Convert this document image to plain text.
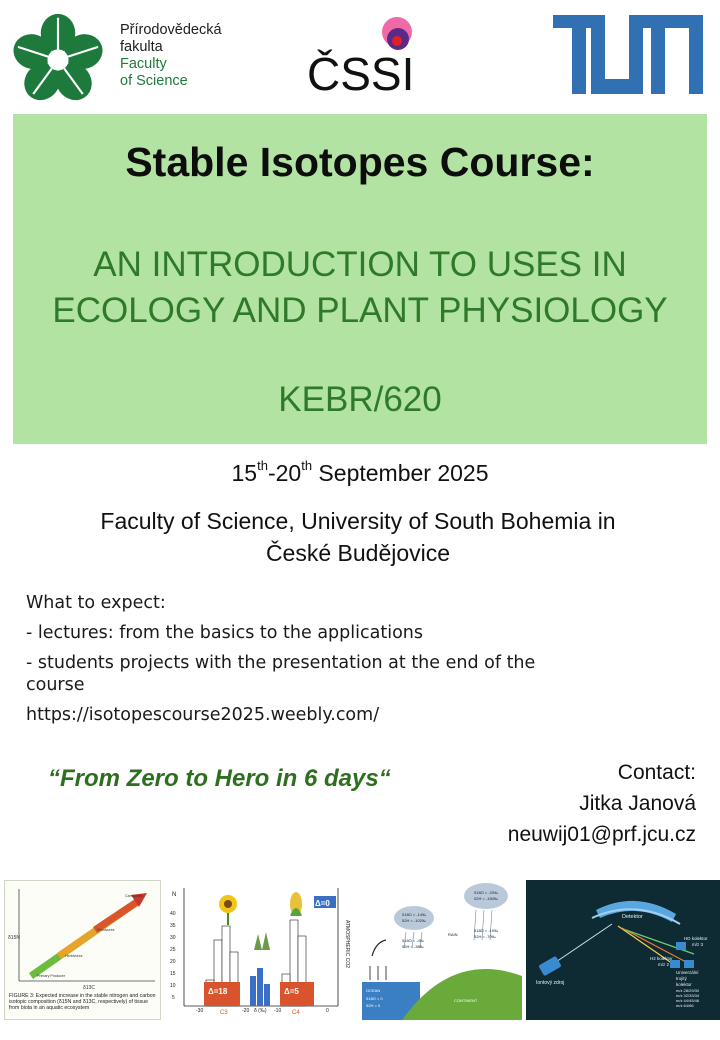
Přírodovědecká
fakulta
Faculty
of Science	ČSSI
Stable Isotopes Course:
AN INTRODUCTION TO USES IN
ECOLOGY AND PLANT PHYSIOLOGY
KEBR/620
15th-20th September 2025
Faculty of Science, University of South Bohemia in
České Budějovice
What to expect:
- lectures: from the basics to the applications
- students projects with the presentation at the end of the
course
https://isotopescourse2025.weebly.com/
“From Zero to Hero in 6 days“	Contact:
Jitka Janová
neuwij01@prf.jcu.cz
δ15N
δ13C
Carnivores
Omnivores
Herbivores
Primary Producer
FIGURE 3: Expected increase in the stable nitrogen and carbon isotopic composition (δ15N and δ13C, respectively) of tissue from biota in an aquatic ecosystem
N
40
35
30
25
20
15
10
5
Δ=18	Δ=5
Δ=0
C3	C4
-30	-20	-10	0
δ (‰)
ATMOSPHERIC CO2
δ18O = -14‰
δ2H = -102‰
δ18O = -20‰
δ2H = -150‰
δ18O = -4‰
δ2H = -38‰
RAIN
δ18O = -10‰
δ2H = -70‰
OCEAN
δ18O = 0
δ2H = 0
CONTINENT
Detektor
HD kolektor
m/z 3
H2 kolektor
m/z 2
Univerzální
trojitý
kolektor
m/z 28/29/30
m/z 32/33/34
m/z 44/45/46
m/z 64/66
Iontový zdroj
